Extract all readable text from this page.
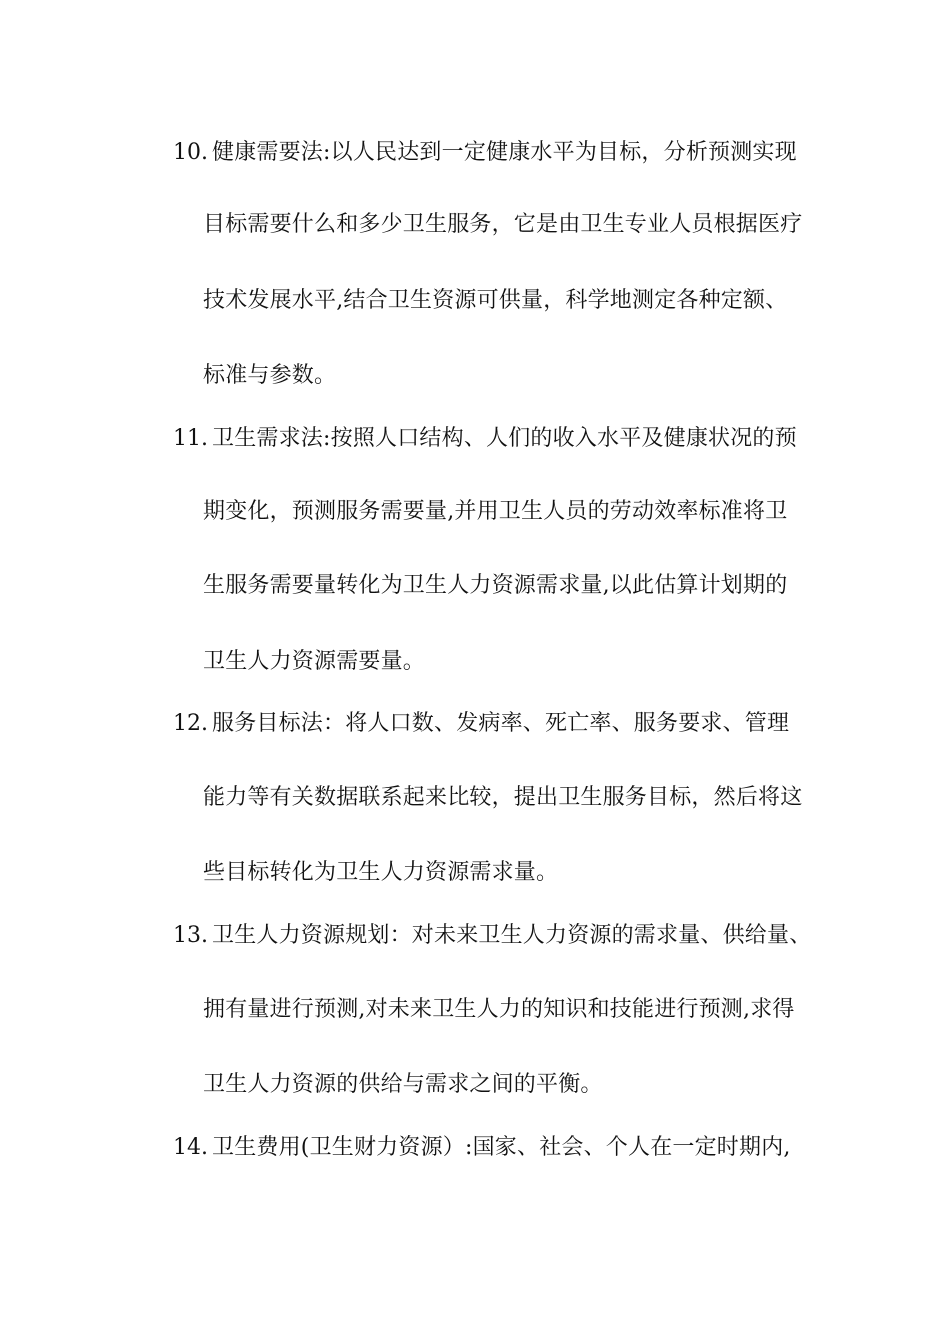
10. 健康需要法:以人民达到一定健康水平为目标，分析预测实现
目标需要什么和多少卫生服务，它是由卫生专业人员根据医疗
技术发展水平,结合卫生资源可供量，科学地测定各种定额、
标准与参数。
11. 卫生需求法:按照人口结构、人们的收入水平及健康状况的预
期变化，预测服务需要量,并用卫生人员的劳动效率标准将卫
生服务需要量转化为卫生人力资源需求量,以此估算计划期的
卫生人力资源需要量。
12. 服务目标法：将人口数、发病率、死亡率、服务要求、管理
能力等有关数据联系起来比较，提出卫生服务目标，然后将这
些目标转化为卫生人力资源需求量。
13. 卫生人力资源规划：对未来卫生人力资源的需求量、供给量、
拥有量进行预测,对未来卫生人力的知识和技能进行预测,求得
卫生人力资源的供给与需求之间的平衡。
14. 卫生费用(卫生财力资源）:国家、社会、个人在一定时期内,
